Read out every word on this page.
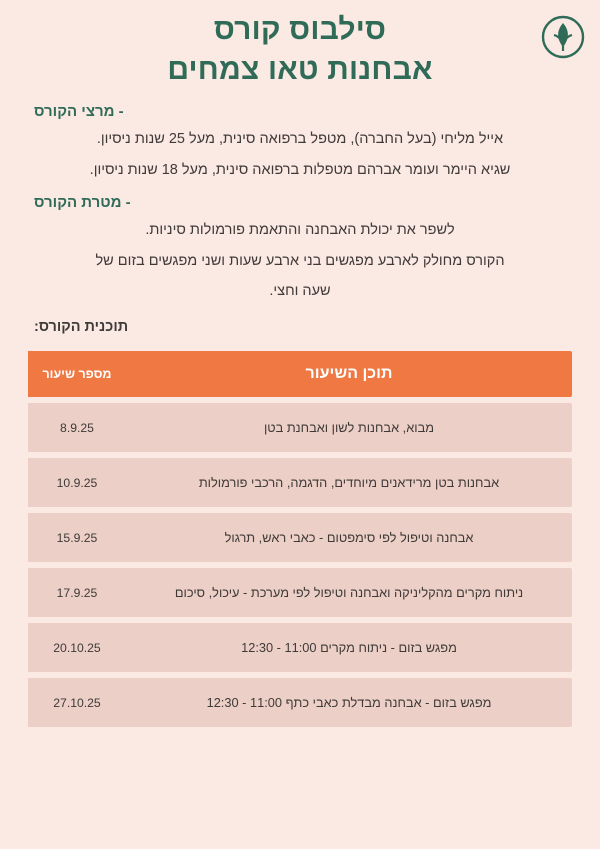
סילבוס קורס
אבחנות טאו צמחים
- מרצי הקורס

אייל מליחי (בעל החברה), מטפל ברפואה סינית, מעל 25 שנות ניסיון.

שגיא היימר ועומר אברהם מטפלות ברפואה סינית, מעל 18 שנות ניסיון.

- מטרת הקורס

לשפר את יכולת האבחנה והתאמת פורמולות סיניות.

הקורס מחולק לארבע מפגשים בני ארבע שעות ושני מפגשים בזום של

שעה וחצי.

תוכנית הקורס:
תוכן השיעור	מספר שיעור
מבוא, אבחנות לשון ואבחנת בטן	8.9.25
אבחנות בטן מרידאנים מיוחדים, הדגמה, הרכבי פורמולות	10.9.25
אבחנה וטיפול לפי סימפטום - כאבי ראש, תרגול	15.9.25
ניתוח מקרים מהקליניקה ואבחנה וטיפול לפי מערכת - עיכול, סיכום	17.9.25
מפגש בזום - ניתוח מקרים 11:00 - 12:30	20.10.25
מפגש בזום - אבחנה מבדלת כאבי כתף 11:00 - 12:30	27.10.25
